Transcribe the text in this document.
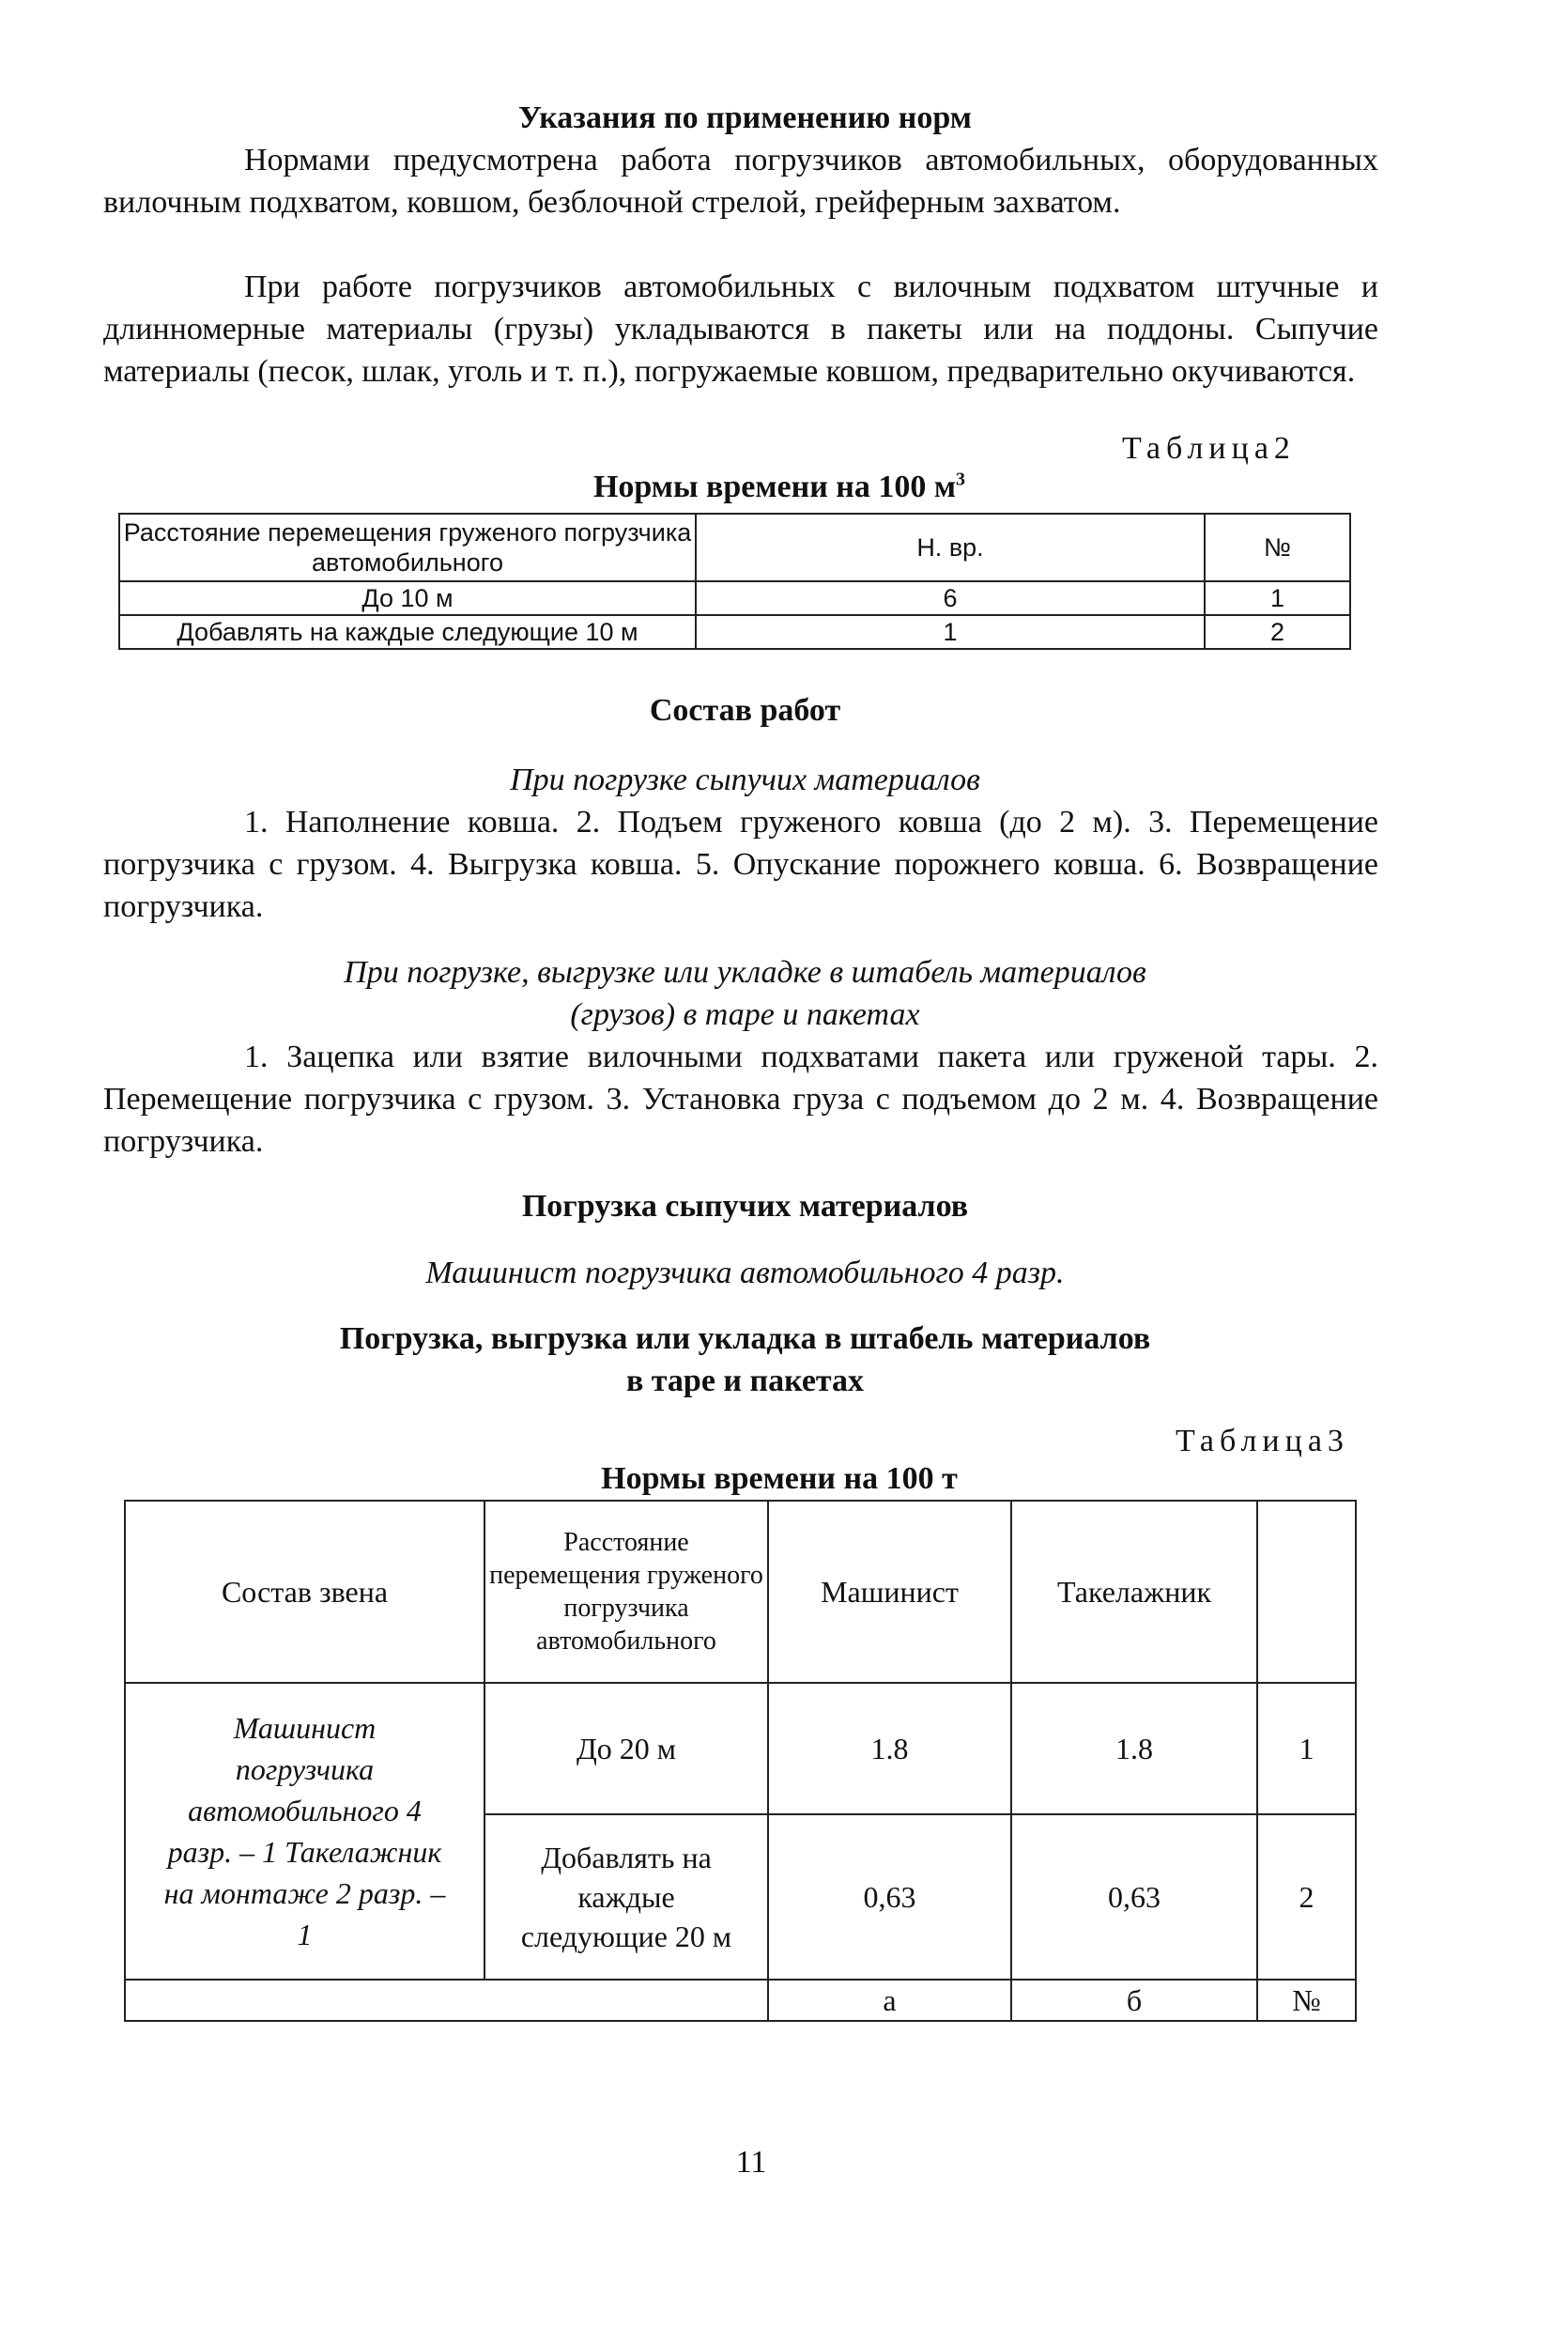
Указания по применению норм
Нормами предусмотрена работа погрузчиков автомобильных, оборудованных вилочным подхватом, ковшом, безблочной стрелой, грейферным захватом.
При работе погрузчиков автомобильных с вилочным подхватом штучные и длинномерные материалы (грузы) укладываются в пакеты или на поддоны. Сыпучие материалы (песок, шлак, уголь и т. п.), погружаемые ковшом, предварительно окучиваются.
Таблица2
Нормы времени на 100 $м^3$
Расстояние перемещения груженого погрузчика автомобильного	Н. вр.	№
До 10 м	6	1
Добавлять на каждые следующие 10 м	1	2
Состав работ
При погрузке сыпучих материалов
1. Наполнение ковша. 2. Подъем груженого ковша (до 2 м). 3. Перемещение погрузчика с грузом. 4. Выгрузка ковша. 5. Опускание порожнего ковша. 6. Возвращение погрузчика.
При погрузке, выгрузке или укладке в штабель материалов
(грузов) в таре и пакетах
1. Зацепка или взятие вилочными подхватами пакета или груженой тары. 2. Перемещение погрузчика с грузом. 3. Установка груза с подъемом до 2 м. 4. Возвращение погрузчика.
Погрузка сыпучих материалов
Машинист погрузчика автомобильного 4 разр.
Погрузка, выгрузка или укладка в штабель материалов
в таре и пакетах
Таблица3
Нормы времени на 100 т
Состав звена	Расстояние перемещения груженого погрузчика автомобильного	Машинист	Такелажник	
Машинист погрузчика автомобильного 4 разр. – 1 Такелажник на монтаже 2 разр. – 1	До 20 м	1.8	1.8	1
	Добавлять на каждые следующие 20 м	0,63	0,63	2
		а	б	№
11
